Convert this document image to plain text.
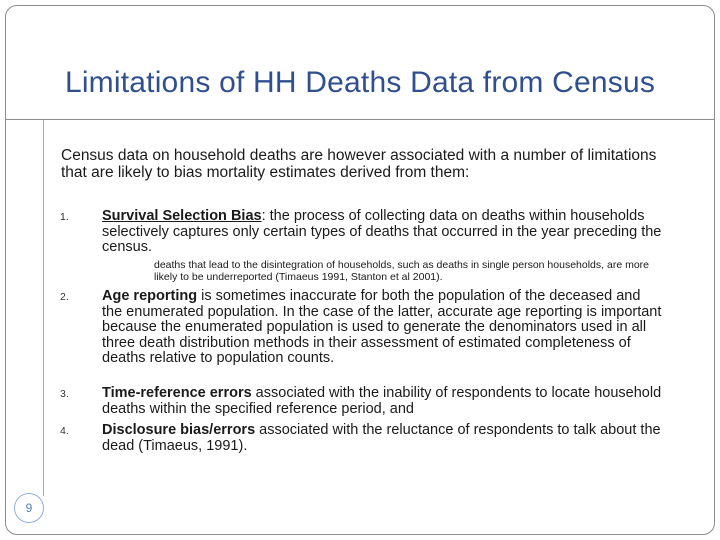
Limitations of HH Deaths Data from Census
Census data on household deaths are however associated with a number of limitations that are likely to bias mortality estimates derived from them:
1. Survival Selection Bias: the process of collecting data on deaths within households selectively captures only certain types of deaths that occurred in the year preceding the census.
deaths that lead to the disintegration of households, such as deaths in single person households, are more likely to be underreported (Timaeus 1991, Stanton et al 2001).
2. Age reporting is sometimes inaccurate for both the population of the deceased and the enumerated population. In the case of the latter, accurate age reporting is important because the enumerated population is used to generate the denominators used in all three death distribution methods in their assessment of estimated completeness of deaths relative to population counts.
3. Time-reference errors associated with the inability of respondents to locate household deaths within the specified reference period, and
4. Disclosure bias/errors associated with the reluctance of respondents to talk about the dead (Timaeus, 1991).
9
